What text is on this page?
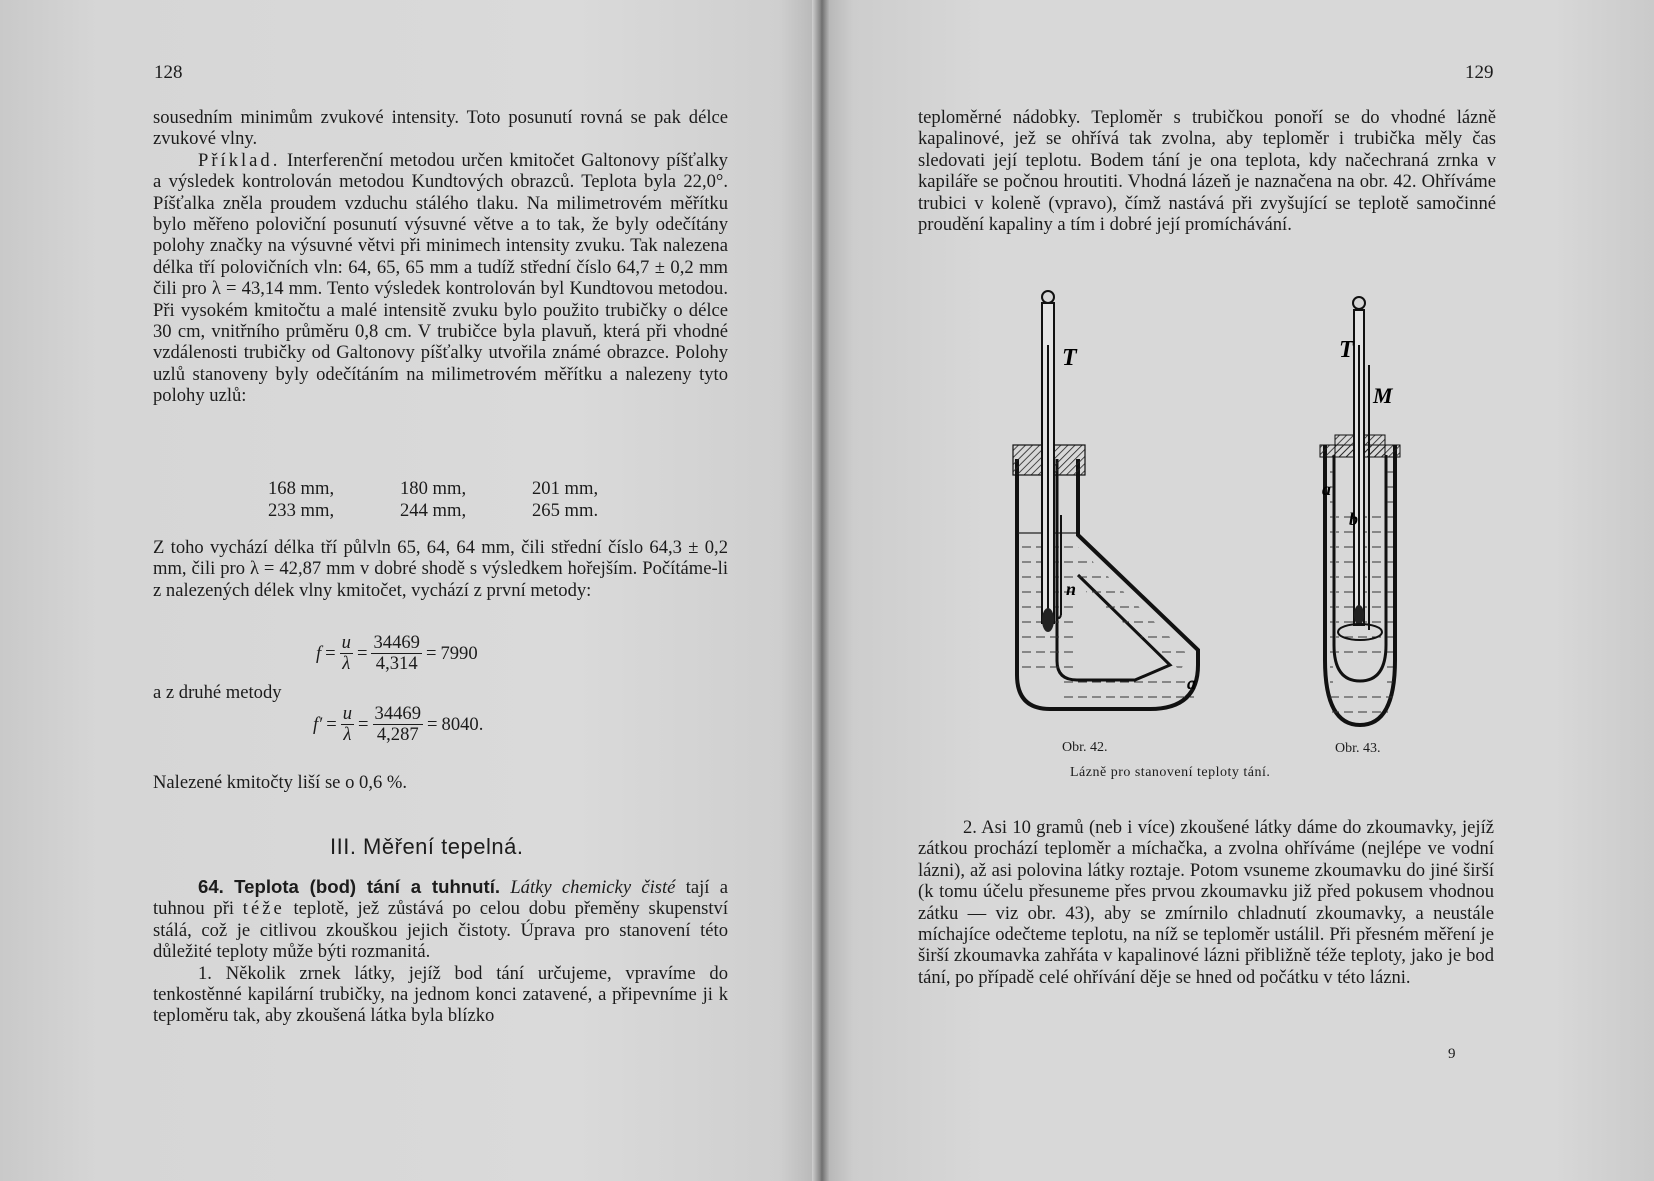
128

sousedním minimům zvukové intensity. Toto posunutí rovná se pak délce zvukové vlny.

Příklad. Interferenční metodou určen kmitočet Galtonovy píšťalky a výsledek kontrolován metodou Kundtových obrazců. Teplota byla 22,0°. Píšťalka zněla proudem vzduchu stálého tlaku. Na milimetrovém měřítku bylo měřeno poloviční posunutí výsuvné větve a to tak, že byly odečítány polohy značky na výsuvné větvi při minimech intensity zvuku. Tak nalezena délka tří polovičních vln: 64, 65, 65 mm a tudíž střední číslo 64,7 ± 0,2 mm čili pro λ = 43,14 mm. Tento výsledek kontrolován byl Kundtovou metodou. Při vysokém kmitočtu a malé intensitě zvuku bylo použito trubičky o délce 30 cm, vnitřního průměru 0,8 cm. V trubičce byla plavuň, která při vhodné vzdálenosti trubičky od Galtonovy píšťalky utvořila známé obrazce. Polohy uzlů stanoveny byly odečítáním na milimetrovém měřítku a nalezeny tyto polohy uzlů:

168 mm,	180 mm,	201 mm,
233 mm,	244 mm,	265 mm.

Z toho vychází délka tří půlvln 65, 64, 64 mm, čili střední číslo 64,3 ± 0,2 mm, čili pro λ = 42,87 mm v dobré shodě s výsledkem hořejším. Počítáme-li z nalezených délek vlny kmitočet, vychází z první metody:

$f = \frac{u}{\lambda} = \frac{34469}{4,314} = 7990$
a z druhé metody
$f' = \frac{u}{\lambda} = \frac{34469}{4,287} = 8040$.
Nalezené kmitočty liší se o 0,6 %.
III. Měření tepelná.

64. Teplota (bod) tání a tuhnutí. Látky chemicky čisté tají a tuhnou při téže teplotě, jež zůstává po celou dobu přeměny skupenství stálá, což je citlivou zkouškou jejich čistoty. Úprava pro stanovení této důležité teploty může býti rozmanitá.

1. Několik zrnek látky, jejíž bod tání určujeme, vpravíme do tenkostěnné kapilární trubičky, na jednom konci zatavené, a připevníme ji k teploměru tak, aby zkoušená látka byla blízko

129

teploměrné nádobky. Teploměr s trubičkou ponoří se do vhodné lázně kapalinové, jež se ohřívá tak zvolna, aby teploměr i trubička měly čas sledovati její teplotu. Bodem tání je ona teplota, kdy načechraná zrnka v kapiláře se počnou hroutiti. Vhodná lázeň je naznačena na obr. 42. Ohříváme trubici v koleně (vpravo), čímž nastává při zvyšující se teplotě samočinné proudění kapaliny a tím i dobré její promíchávání.

T
n
a
T
M
a
b
Obr. 42.	Obr. 43.
Lázně pro stanovení teploty tání.

2. Asi 10 gramů (neb i více) zkoušené látky dáme do zkoumavky, jejíž zátkou prochází teploměr a míchačka, a zvolna ohříváme (nejlépe ve vodní lázni), až asi polovina látky roztaje. Potom vsuneme zkoumavku do jiné širší (k tomu účelu přesuneme přes prvou zkoumavku již před pokusem vhodnou zátku — viz obr. 43), aby se zmírnilo chladnutí zkoumavky, a neustále míchajíce odečteme teplotu, na níž se teploměr ustálil. Při přesném měření je širší zkoumavka zahřáta v kapalinové lázni přibližně téže teploty, jako je bod tání, po případě celé ohřívání děje se hned od počátku v této lázni.

9
